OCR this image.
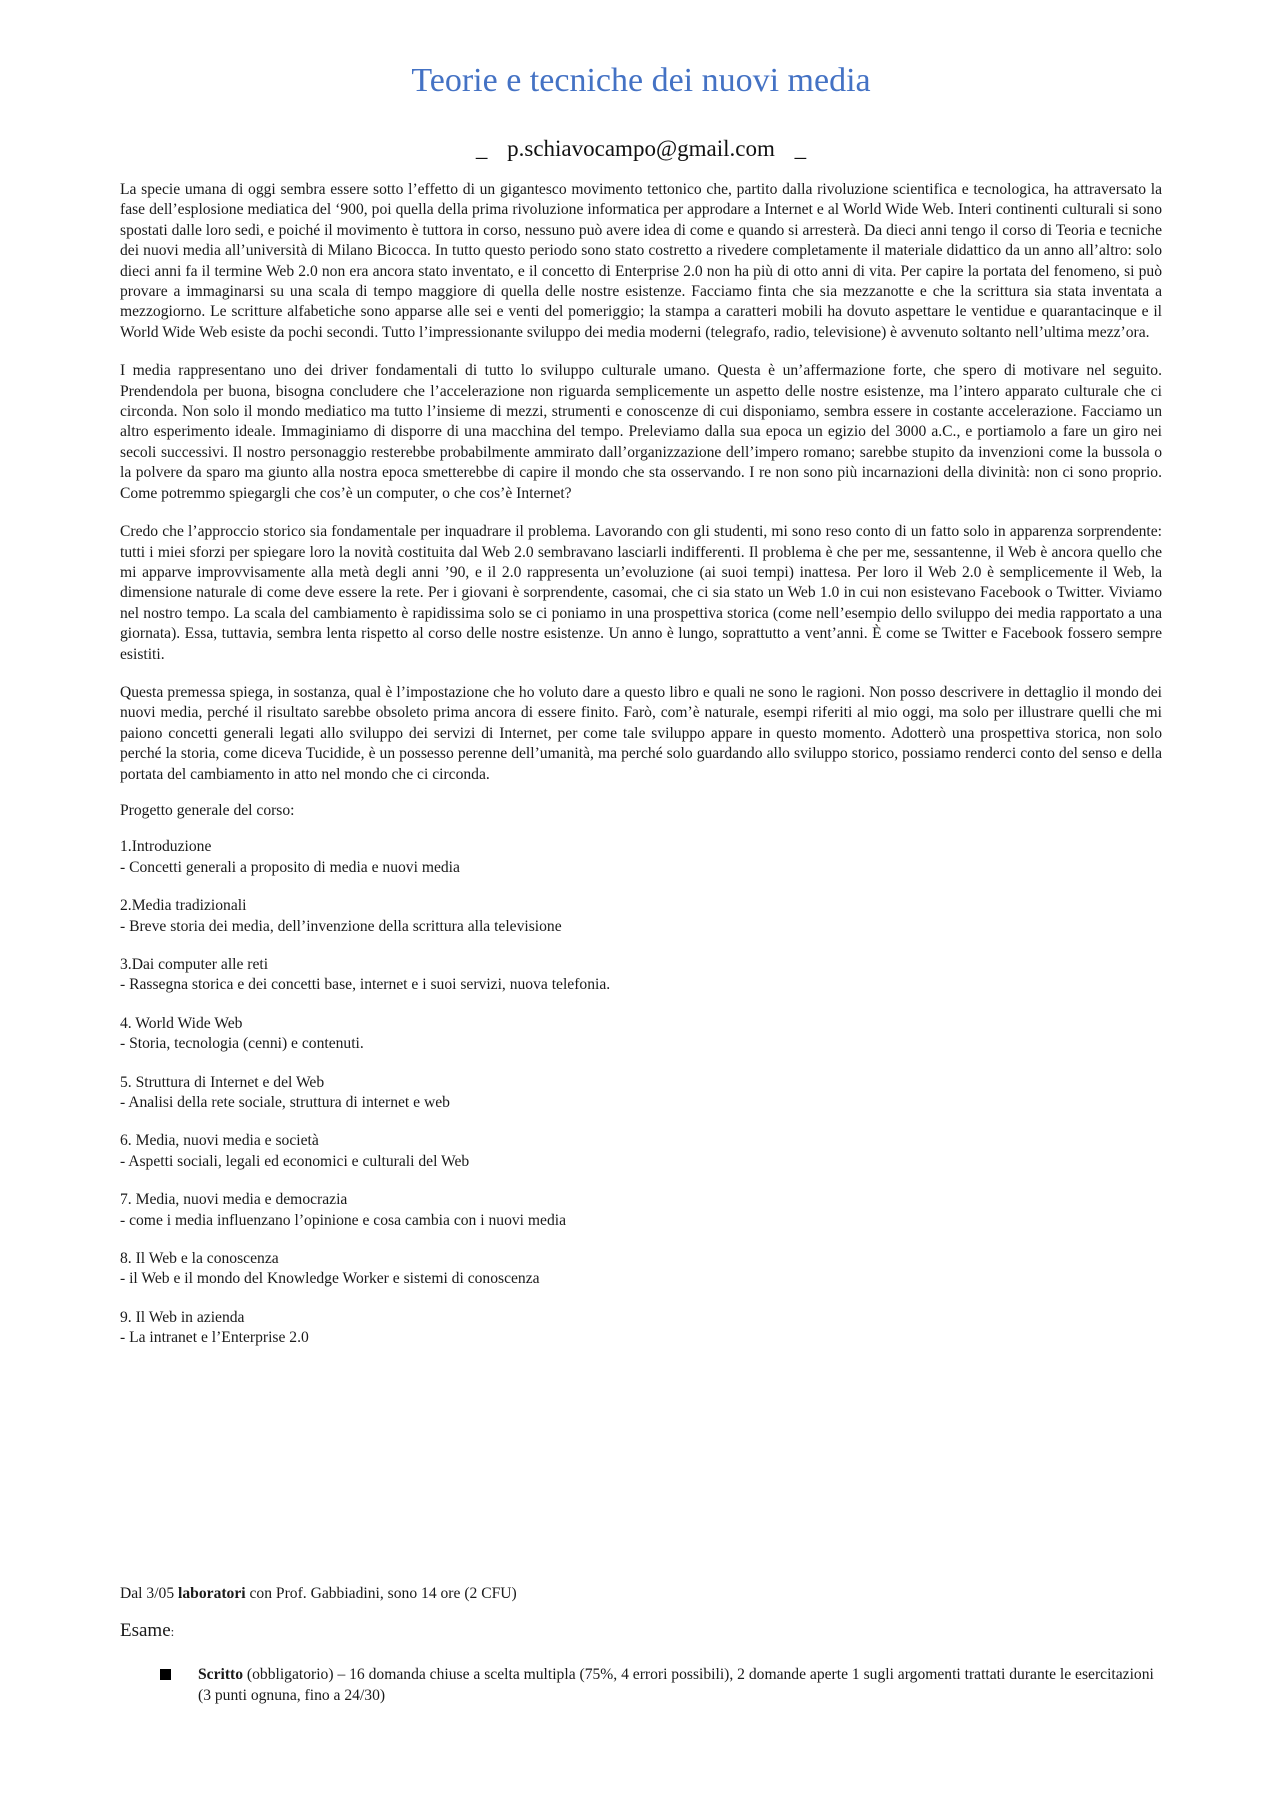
Teorie e tecniche dei nuovi media
_ p.schiavocampo@gmail.com _

La specie umana di oggi sembra essere sotto l’effetto di un gigantesco movimento tettonico che, partito dalla rivoluzione scientifica e tecnologica, ha attraversato la fase dell’esplosione mediatica del ‘900, poi quella della prima rivoluzione informatica per approdare a Internet e al World Wide Web. Interi continenti culturali si sono spostati dalle loro sedi, e poiché il movimento è tuttora in corso, nessuno può avere idea di come e quando si arresterà. Da dieci anni tengo il corso di Teoria e tecniche dei nuovi media all’università di Milano Bicocca. In tutto questo periodo sono stato costretto a rivedere completamente il materiale didattico da un anno all’altro: solo dieci anni fa il termine Web 2.0 non era ancora stato inventato, e il concetto di Enterprise 2.0 non ha più di otto anni di vita. Per capire la portata del fenomeno, si può provare a immaginarsi su una scala di tempo maggiore di quella delle nostre esistenze. Facciamo finta che sia mezzanotte e che la scrittura sia stata inventata a mezzogiorno. Le scritture alfabetiche sono apparse alle sei e venti del pomeriggio; la stampa a caratteri mobili ha dovuto aspettare le ventidue e quarantacinque e il World Wide Web esiste da pochi secondi. Tutto l’impressionante sviluppo dei media moderni (telegrafo, radio, televisione) è avvenuto soltanto nell’ultima mezz’ora.

I media rappresentano uno dei driver fondamentali di tutto lo sviluppo culturale umano. Questa è un’affermazione forte, che spero di motivare nel seguito. Prendendola per buona, bisogna concludere che l’accelerazione non riguarda semplicemente un aspetto delle nostre esistenze, ma l’intero apparato culturale che ci circonda. Non solo il mondo mediatico ma tutto l’insieme di mezzi, strumenti e conoscenze di cui disponiamo, sembra essere in costante accelerazione. Facciamo un altro esperimento ideale. Immaginiamo di disporre di una macchina del tempo. Preleviamo dalla sua epoca un egizio del 3000 a.C., e portiamolo a fare un giro nei secoli successivi. Il nostro personaggio resterebbe probabilmente ammirato dall’organizzazione dell’impero romano; sarebbe stupito da invenzioni come la bussola o la polvere da sparo ma giunto alla nostra epoca smetterebbe di capire il mondo che sta osservando. I re non sono più incarnazioni della divinità: non ci sono proprio. Come potremmo spiegargli che cos’è un computer, o che cos’è Internet?

Credo che l’approccio storico sia fondamentale per inquadrare il problema. Lavorando con gli studenti, mi sono reso conto di un fatto solo in apparenza sorprendente: tutti i miei sforzi per spiegare loro la novità costituita dal Web 2.0 sembravano lasciarli indifferenti. Il problema è che per me, sessantenne, il Web è ancora quello che mi apparve improvvisamente alla metà degli anni ’90, e il 2.0 rappresenta un’evoluzione (ai suoi tempi) inattesa. Per loro il Web 2.0 è semplicemente il Web, la dimensione naturale di come deve essere la rete. Per i giovani è sorprendente, casomai, che ci sia stato un Web 1.0 in cui non esistevano Facebook o Twitter. Viviamo nel nostro tempo. La scala del cambiamento è rapidissima solo se ci poniamo in una prospettiva storica (come nell’esempio dello sviluppo dei media rapportato a una giornata). Essa, tuttavia, sembra lenta rispetto al corso delle nostre esistenze. Un anno è lungo, soprattutto a vent’anni. È come se Twitter e Facebook fossero sempre esistiti.

Questa premessa spiega, in sostanza, qual è l’impostazione che ho voluto dare a questo libro e quali ne sono le ragioni. Non posso descrivere in dettaglio il mondo dei nuovi media, perché il risultato sarebbe obsoleto prima ancora di essere finito. Farò, com’è naturale, esempi riferiti al mio oggi, ma solo per illustrare quelli che mi paiono concetti generali legati allo sviluppo dei servizi di Internet, per come tale sviluppo appare in questo momento. Adotterò una prospettiva storica, non solo perché la storia, come diceva Tucidide, è un possesso perenne dell’umanità, ma perché solo guardando allo sviluppo storico, possiamo renderci conto del senso e della portata del cambiamento in atto nel mondo che ci circonda.

Progetto generale del corso:
1.Introduzione
- Concetti generali a proposito di media e nuovi media
2.Media tradizionali
- Breve storia dei media, dell’invenzione della scrittura alla televisione
3.Dai computer alle reti
- Rassegna storica e dei concetti base, internet e i suoi servizi, nuova telefonia.
4. World Wide Web
- Storia, tecnologia (cenni) e contenuti.
5. Struttura di Internet e del Web
- Analisi della rete sociale, struttura di internet e web
6. Media, nuovi media e società
- Aspetti sociali, legali ed economici e culturali del Web
7. Media, nuovi media e democrazia
- come i media influenzano l’opinione e cosa cambia con i nuovi media
8. Il Web e la conoscenza
- il Web e il mondo del Knowledge Worker e sistemi di conoscenza
9. Il Web in azienda
- La intranet e l’Enterprise 2.0
Dal 3/05 laboratori con Prof. Gabbiadini, sono 14 ore (2 CFU)
Esame:
Scritto (obbligatorio) – 16 domanda chiuse a scelta multipla (75%, 4 errori possibili), 2 domande aperte 1 sugli argomenti trattati durante le esercitazioni (3 punti ognuna, fino a 24/30)
